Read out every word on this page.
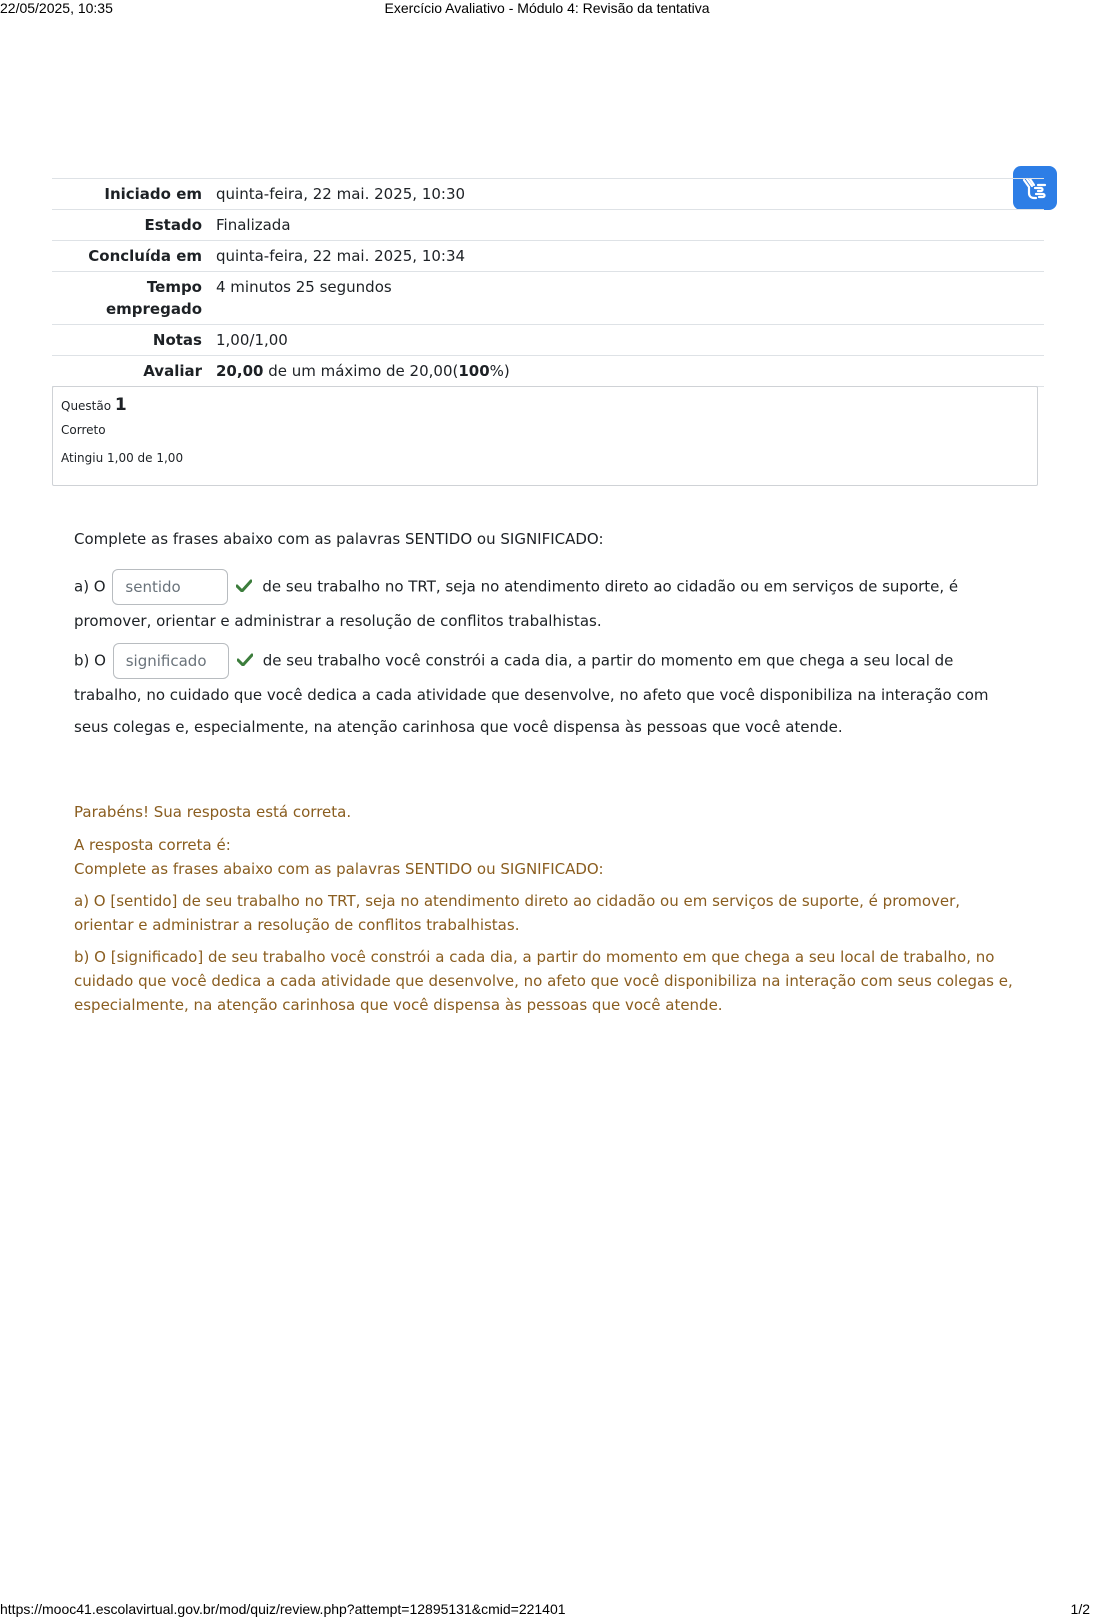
22/05/2025, 10:35	Exercício Avaliativo - Módulo 4: Revisão da tentativa
Iniciado em	quinta-feira, 22 mai. 2025, 10:30
Estado	Finalizada
Concluída em	quinta-feira, 22 mai. 2025, 10:34
Tempo
empregado	4 minutos 25 segundos
Notas	1,00/1,00
Avaliar	20,00 de um máximo de 20,00(100%)
Questão 1
Correto
Atingiu 1,00 de 1,00
Complete as frases abaixo com as palavras SENTIDO ou SIGNIFICADO:
a) O sentido	de seu trabalho no TRT, seja no atendimento direto ao cidadão ou em serviços de suporte, é promover, orientar e administrar a resolução de conflitos trabalhistas.
b) O significado	de seu trabalho você constrói a cada dia, a partir do momento em que chega a seu local de trabalho, no cuidado que você dedica a cada atividade que desenvolve, no afeto que você disponibiliza na interação com seus colegas e, especialmente, na atenção carinhosa que você dispensa às pessoas que você atende.

Parabéns! Sua resposta está correta.

A resposta correta é:

Complete as frases abaixo com as palavras SENTIDO ou SIGNIFICADO:

a) O [sentido] de seu trabalho no TRT, seja no atendimento direto ao cidadão ou em serviços de suporte, é promover, orientar e administrar a resolução de conflitos trabalhistas.

b) O [significado] de seu trabalho você constrói a cada dia, a partir do momento em que chega a seu local de trabalho, no cuidado que você dedica a cada atividade que desenvolve, no afeto que você disponibiliza na interação com seus colegas e, especialmente, na atenção carinhosa que você dispensa às pessoas que você atende.

https://mooc41.escolavirtual.gov.br/mod/quiz/review.php?attempt=12895131&cmid=221401	1/2
